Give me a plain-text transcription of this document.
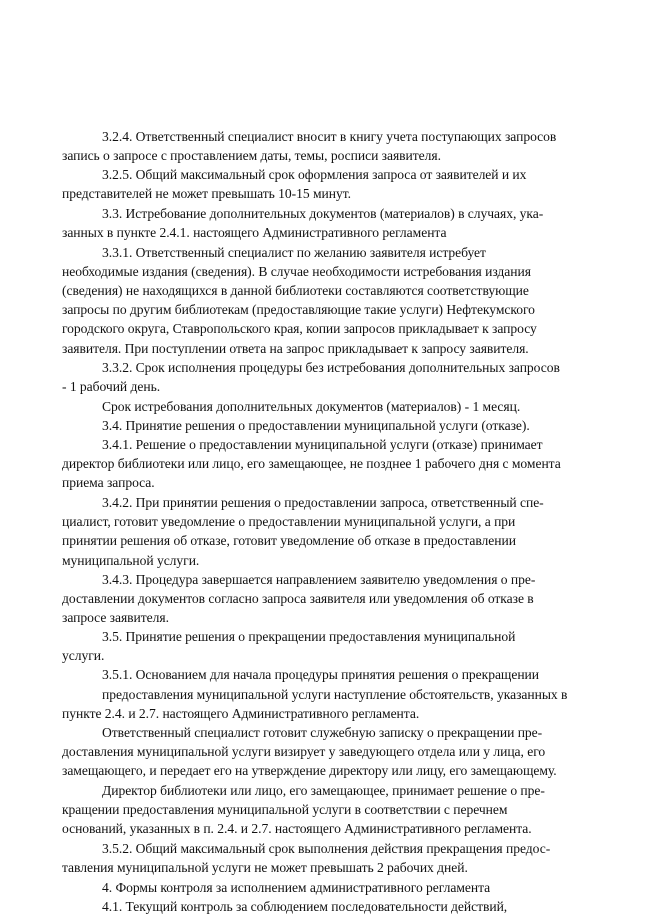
3.2.4. Ответственный специалист вносит в книгу учета поступающих запросов
запись о запросе с проставлением даты, темы, росписи заявителя.
3.2.5. Общий максимальный срок оформления запроса от заявителей и их
представителей не может превышать 10-15 минут.
3.3. Истребование дополнительных документов (материалов) в случаях, ука-
занных в пункте 2.4.1. настоящего Административного регламента
3.3.1. Ответственный специалист по желанию заявителя истребует
необходимые издания (сведения). В случае необходимости истребования издания
(сведения) не находящихся в данной библиотеки составляются соответствующие
запросы по другим библиотекам (предоставляющие такие услуги) Нефтекумского
городского округа, Ставропольского края, копии запросов прикладывает к запросу
заявителя. При поступлении ответа на запрос прикладывает к запросу заявителя.
3.3.2. Срок исполнения процедуры без истребования дополнительных запросов
- 1 рабочий день.
Срок истребования дополнительных документов (материалов) - 1 месяц.
3.4. Принятие решения о предоставлении муниципальной услуги (отказе).
3.4.1. Решение о предоставлении муниципальной услуги (отказе) принимает
директор библиотеки или лицо, его замещающее, не позднее 1 рабочего дня с момента
приема запроса.
3.4.2. При принятии решения о предоставлении запроса, ответственный спе-
циалист, готовит уведомление о предоставлении муниципальной услуги, а при
принятии решения об отказе, готовит уведомление об отказе в предоставлении
муниципальной услуги.
3.4.3. Процедура завершается направлением заявителю уведомления о пре-
доставлении документов согласно запроса заявителя или уведомления об отказе в
запросе заявителя.
3.5. Принятие решения о прекращении предоставления муниципальной
услуги.
3.5.1. Основанием для начала процедуры принятия решения о прекращении
предоставления муниципальной услуги наступление обстоятельств, указанных в
пункте 2.4. и 2.7. настоящего Административного регламента.
Ответственный специалист готовит служебную записку о прекращении пре-
доставления муниципальной услуги визирует у заведующего отдела или у лица, его
замещающего, и передает его на утверждение директору или лицу, его замещающему.
Директор библиотеки или лицо, его замещающее, принимает решение о пре-
кращении предоставления муниципальной услуги в соответствии с перечнем
оснований, указанных в п. 2.4. и 2.7. настоящего Административного регламента.
3.5.2. Общий максимальный срок выполнения действия прекращения предос-
тавления муниципальной услуги не может превышать 2 рабочих дней.
4. Формы контроля за исполнением административного регламента
4.1. Текущий контроль за соблюдением последовательности действий,
